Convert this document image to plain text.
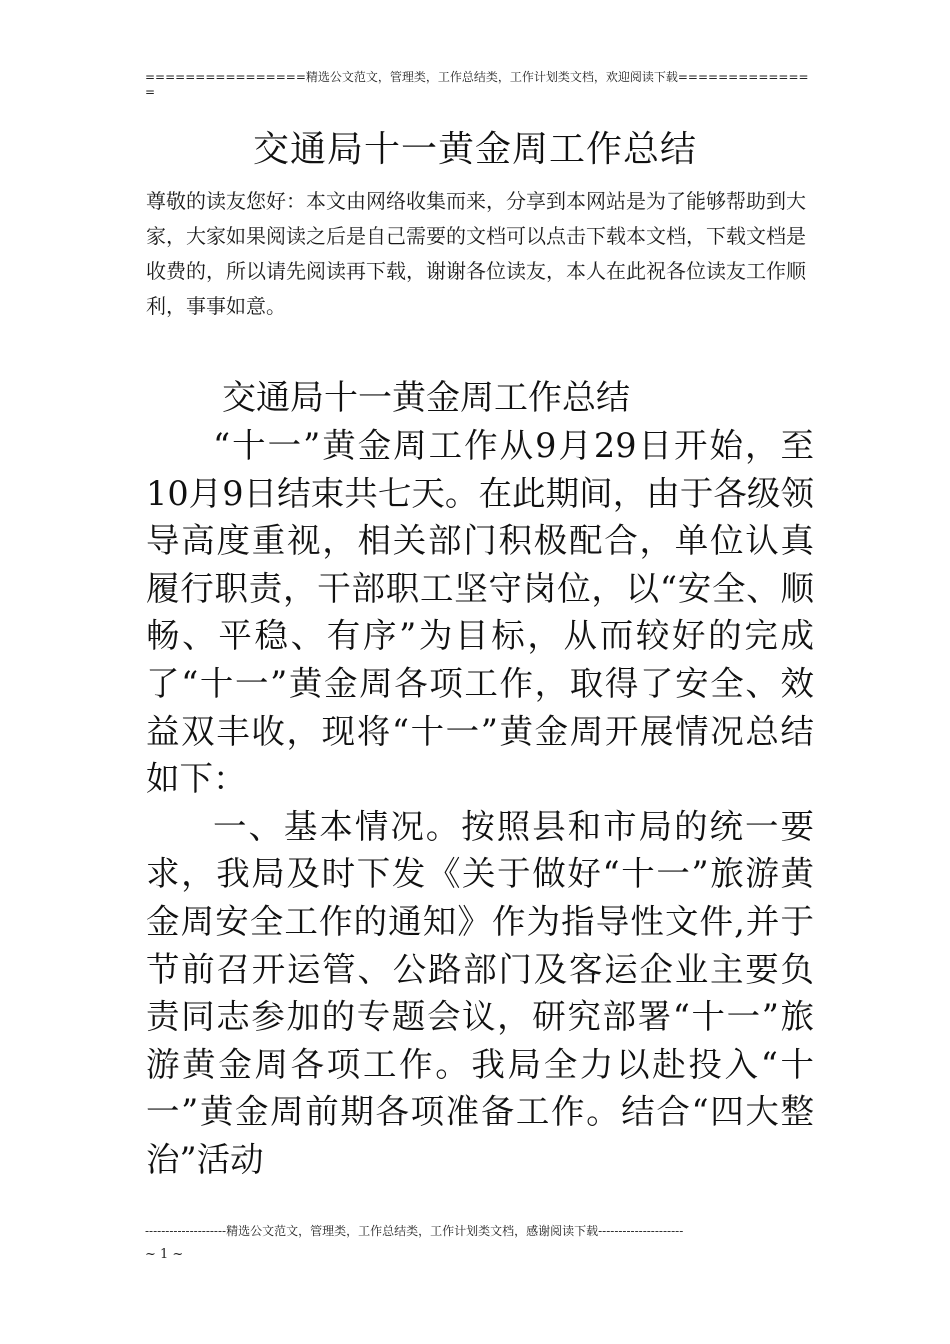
================精选公文范文，管理类，工作总结类，工作计划类文档，欢迎阅读下载==============
交通局十一黄金周工作总结
尊敬的读友您好：本文由网络收集而来，分享到本网站是为了能够帮助到大家，大家如果阅读之后是自己需要的文档可以点击下载本文档，下载文档是收费的，所以请先阅读再下载，谢谢各位读友，本人在此祝各位读友工作顺利，事事如意。
交通局十一黄金周工作总结

“十一”黄金周工作从9月29日开始，至10月9日结束共七天。在此期间，由于各级领导高度重视，相关部门积极配合，单位认真履行职责，干部职工坚守岗位，以“安全、顺畅、平稳、有序”为目标，从而较好的完成了“十一”黄金周各项工作，取得了安全、效益双丰收，现将“十一”黄金周开展情况总结如下：

一、基本情况。按照县和市局的统一要求，我局及时下发《关于做好“十一”旅游黄金周安全工作的通知》作为指导性文件,并于节前召开运管、公路部门及客运企业主要负责同志参加的专题会议，研究部署“十一”旅游黄金周各项工作。我局全力以赴投入“十一”黄金周前期各项准备工作。结合“四大整治”活动

--------------------精选公文范文，管理类，工作总结类，工作计划类文档，感谢阅读下载---------------------
~ 1 ~
